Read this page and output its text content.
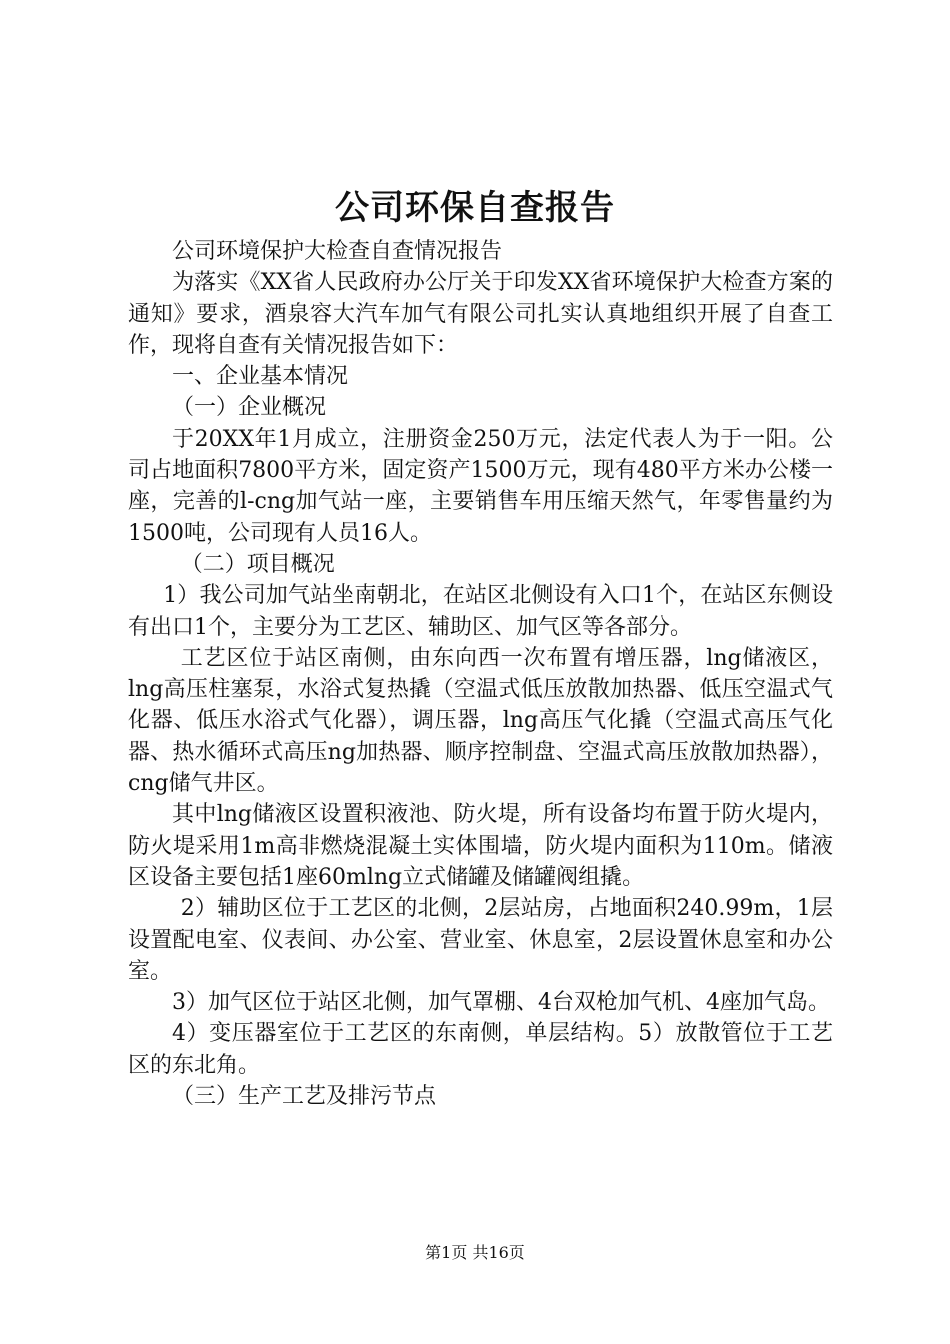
公司环保自查报告

公司环境保护大检查自查情况报告

为落实《XX省人民政府办公厅关于印发XX省环境保护大检查方案的通知》要求，酒泉容大汽车加气有限公司扎实认真地组织开展了自查工作，现将自查有关情况报告如下：

一、企业基本情况

（一）企业概况

于20XX年1月成立，注册资金250万元，法定代表人为于一阳。公司占地面积7800平方米，固定资产1500万元，现有480平方米办公楼一座，完善的l-cng加气站一座，主要销售车用压缩天然气，年零售量约为1500吨，公司现有人员16人。

（二）项目概况

1）我公司加气站坐南朝北，在站区北侧设有入口1个，在站区东侧设有出口1个，主要分为工艺区、辅助区、加气区等各部分。

工艺区位于站区南侧，由东向西一次布置有增压器，lng储液区，lng高压柱塞泵，水浴式复热撬（空温式低压放散加热器、低压空温式气化器、低压水浴式气化器），调压器，lng高压气化撬（空温式高压气化器、热水循环式高压ng加热器、顺序控制盘、空温式高压放散加热器），cng储气井区。

其中lng储液区设置积液池、防火堤，所有设备均布置于防火堤内，防火堤采用1m高非燃烧混凝土实体围墙，防火堤内面积为110m。储液区设备主要包括1座60mlng立式储罐及储罐阀组撬。

2）辅助区位于工艺区的北侧，2层站房，占地面积240.99m，1层设置配电室、仪表间、办公室、营业室、休息室，2层设置休息室和办公室。

3）加气区位于站区北侧，加气罩棚、4台双枪加气机、4座加气岛。

4）变压器室位于工艺区的东南侧，单层结构。5）放散管位于工艺区的东北角。

（三）生产工艺及排污节点

第1页 共16页
